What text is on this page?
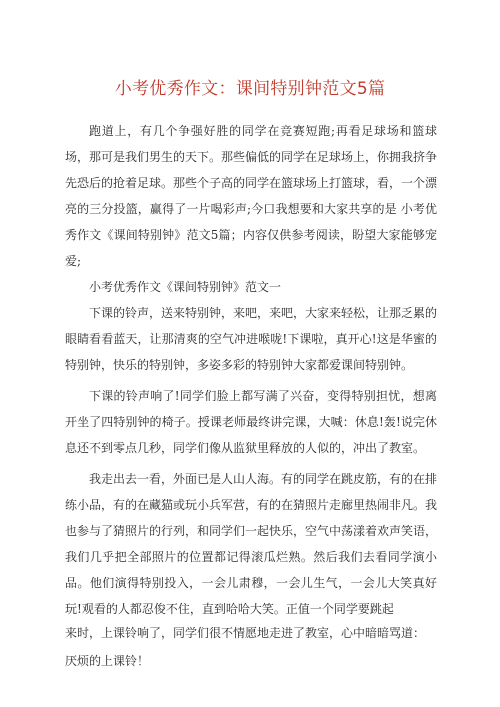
小考优秀作文：课间特别钟范文5篇

跑道上，有几个争强好胜的同学在竞赛短跑;再看足球场和篮球场，那可是我们男生的天下。那些偏低的同学在足球场上，你拥我挤争先恐后的抢着足球。那些个子高的同学在篮球场上打篮球，看，一个漂亮的三分投篮，赢得了一片喝彩声;今口我想要和大家共享的是 小考优秀作文《课间特别钟》范文5篇；内容仅供参考阅读，盼望大家能够宠爱;

小考优秀作文《课间特别钟》范文一

下课的铃声，送来特别钟，来吧，来吧，大家来轻松，让那乏累的眼睛看看蓝天，让那清爽的空气冲进喉咙!下课啦，真开心!这是华蜜的特别钟，快乐的特别钟，多姿多彩的特别钟大家都爱课间特别钟。

下课的铃声响了!同学们脸上都写满了兴奋，变得特别担忧，想离开坐了四特别钟的椅子。授课老师最终讲完课，大喊：休息!轰!说完休息还不到零点几秒，同学们像从监狱里释放的人似的，冲出了教室。

我走出去一看，外面已是人山人海。有的同学在跳皮筋，有的在排练小品，有的在藏猫或玩小兵军营，有的在猜照片走廊里热闹非凡。我也参与了猜照片的行列，和同学们一起快乐，空气中荡漾着欢声笑语，我们几乎把全部照片的位置都记得滚瓜烂熟。然后我们去看同学演小品。他们演得特别投入，一会儿肃穆，一会儿生气，一会儿大笑真好玩!观看的人都忍俊不住，直到哈哈大笑。正值一个同学要跳起

来时，上课铃响了，同学们很不情愿地走进了教室，心中暗暗骂道：

厌烦的上课铃！
